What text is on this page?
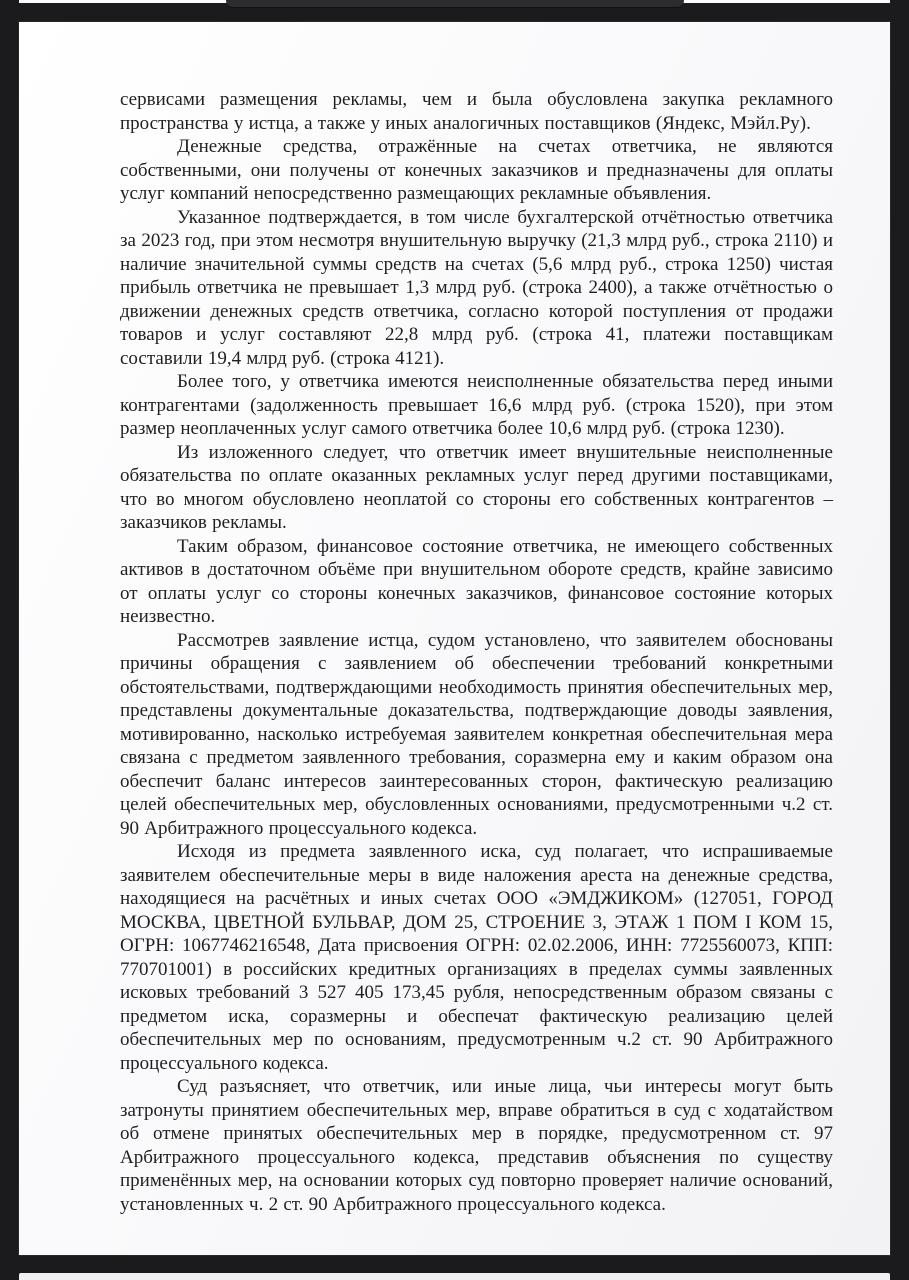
сервисами размещения рекламы, чем и была обусловлена закупка рекламного пространства у истца, а также у иных аналогичных поставщиков (Яндекс, Мэйл.Ру).

Денежные средства, отражённые на счетах ответчика, не являются собственными, они получены от конечных заказчиков и предназначены для оплаты услуг компаний непосредственно размещающих рекламные объявления.

Указанное подтверждается, в том числе бухгалтерской отчётностью ответчика за 2023 год, при этом несмотря внушительную выручку (21,3 млрд руб., строка 2110) и наличие значительной суммы средств на счетах (5,6 млрд руб., строка 1250) чистая прибыль ответчика не превышает 1,3 млрд руб. (строка 2400), а также отчётностью о движении денежных средств ответчика, согласно которой поступления от продажи товаров и услуг составляют 22,8 млрд руб. (строка 41, платежи поставщикам составили 19,4 млрд руб. (строка 4121).

Более того, у ответчика имеются неисполненные обязательства перед иными контрагентами (задолженность превышает 16,6 млрд руб. (строка 1520), при этом размер неоплаченных услуг самого ответчика более 10,6 млрд руб. (строка 1230).

Из изложенного следует, что ответчик имеет внушительные неисполненные обязательства по оплате оказанных рекламных услуг перед другими поставщиками, что во многом обусловлено неоплатой со стороны его собственных контрагентов – заказчиков рекламы.

Таким образом, финансовое состояние ответчика, не имеющего собственных активов в достаточном объёме при внушительном обороте средств, крайне зависимо от оплаты услуг со стороны конечных заказчиков, финансовое состояние которых неизвестно.

Рассмотрев заявление истца, судом установлено, что заявителем обоснованы причины обращения с заявлением об обеспечении требований конкретными обстоятельствами, подтверждающими необходимость принятия обеспечительных мер, представлены документальные доказательства, подтверждающие доводы заявления, мотивированно, насколько истребуемая заявителем конкретная обеспечительная мера связана с предметом заявленного требования, соразмерна ему и каким образом она обеспечит баланс интересов заинтересованных сторон, фактическую реализацию целей обеспечительных мер, обусловленных основаниями, предусмотренными ч.2 ст. 90 Арбитражного процессуального кодекса.

Исходя из предмета заявленного иска, суд полагает, что испрашиваемые заявителем обеспечительные меры в виде наложения ареста на денежные средства, находящиеся на расчётных и иных счетах ООО «ЭМДЖИКОМ» (127051, ГОРОД МОСКВА, ЦВЕТНОЙ БУЛЬВАР, ДОМ 25, СТРОЕНИЕ 3, ЭТАЖ 1 ПОМ I КОМ 15, ОГРН: 1067746216548, Дата присвоения ОГРН: 02.02.2006, ИНН: 7725560073, КПП: 770701001) в российских кредитных организациях в пределах суммы заявленных исковых требований 3 527 405 173,45 рубля, непосредственным образом связаны с предметом иска, соразмерны и обеспечат фактическую реализацию целей обеспечительных мер по основаниям, предусмотренным ч.2 ст. 90 Арбитражного процессуального кодекса.

Суд разъясняет, что ответчик, или иные лица, чьи интересы могут быть затронуты принятием обеспечительных мер, вправе обратиться в суд с ходатайством об отмене принятых обеспечительных мер в порядке, предусмотренном ст. 97 Арбитражного процессуального кодекса, представив объяснения по существу применённых мер, на основании которых суд повторно проверяет наличие оснований, установленных ч. 2 ст. 90 Арбитражного процессуального кодекса.
